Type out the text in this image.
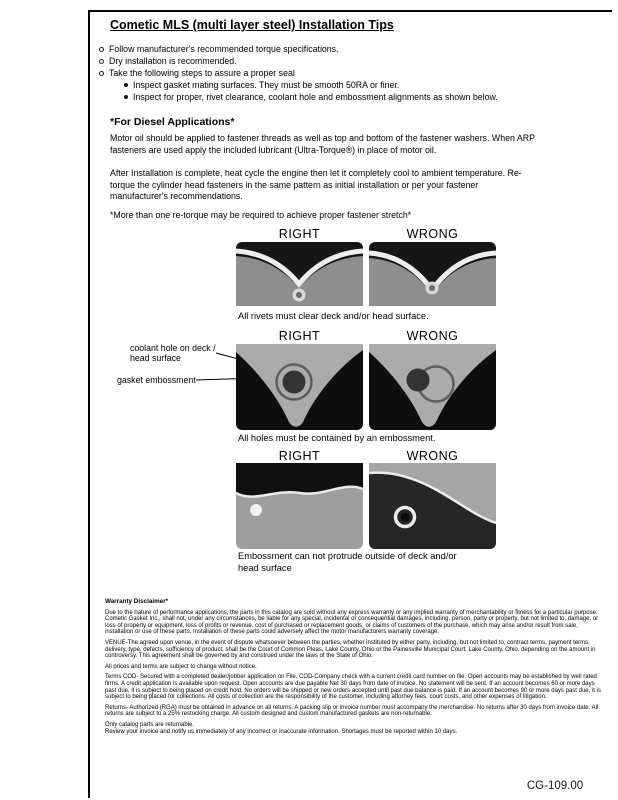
Cometic MLS (multi layer steel) Installation Tips
Follow manufacturer's recommended torque specifications.
Dry installation is recommended.
Take the following steps to assure a proper seal
Inspect gasket mating surfaces. They must be smooth 50RA or finer.
Inspect for proper, rivet clearance, coolant hole and embossment alignments as shown below.
*For Diesel Applications*

Motor oil should be applied to fastener threads as well as top and bottom of the fastener washers. When ARP fasteners are used apply the included lubricant (Ultra-Torque®) in place of motor oil.

After Installation is complete, heat cycle the engine then let it completely cool to ambient temperature. Re-torque the cylinder head fasteners in the same pattern as initial installation or per your fastener manufacturer's recommendations.

*More than one re-torque may be required to achieve proper fastener stretch*

RIGHT	WRONG
All rivets must clear deck and/or head surface.
RIGHT	WRONG
coolant hole on deck / head surface
gasket embossment
All holes must be contained by an embossment.
RIGHT	WRONG
Embossment can not protrude outside of deck and/or head surface
Warranty Disclaimer*

Due to the nature of performance applications, the parts in this catalog are sold without any express warranty or any implied warranty of merchantability or fitness for a particular purpose. Cometic Gasket Inc., shall not, under any circumstances, be liable for any special, incidental or consequential damages, including, person, party or property, but not limited to, damage, or loss of property or equipment, loss of profits or revenue, cost of purchased or replacement goods, or claims of customers of the purchase, which may arise and/or result from sale, installation or use of these parts. Installation of these parts could adversely affect the motor manufacturers warranty coverage.

VENUE-The agreed upon venue, in the event of dispute whatsoever between the parties, whether instituted by either party, including, but not limited to, contract terms, payment terms, delivery, type, defects, sufficiency of product, shall be the Court of Common Pleas, Lake County, Ohio or the Painesville Municipal Court, Lake County, Ohio, depending on the amount in controversy. This agreement shall be governed by and construed under the laws of the State of Ohio.

All prices and terms are subject to change without notice.

Terms COD- Secured with a completed dealer/jobber application on File, COD-Company check with a current credit card number on file. Open accounts may be established by well rated firms. A credit application is available upon request. Open accounts are due payable Net 30 days from date of invoice. No statement will be sent. If an account becomes 60 or more days past due, it is subject to being placed on credit hold. No orders will be shipped or new orders accepted until past due balance is paid. If an account becomes 90 or more days past due, it is subject to being placed for collections. All costs of collection are the responsibility of the customer, including attorney fees, court costs, and other expenses of litigation.

Returns- Authorized (RGA) must be obtained in advance on all returns. A packing slip or invoice number must accompany the merchandise. No returns after 30 days from invoice date. All returns are subject to a 25% restocking charge. All custom designed and custom manufactured gaskets are non-returnable.

Only catalog parts are returnable.

Review your invoice and notify us immediately of any incorrect or inaccurate information. Shortages must be reported within 10 days.

CG-109.00
